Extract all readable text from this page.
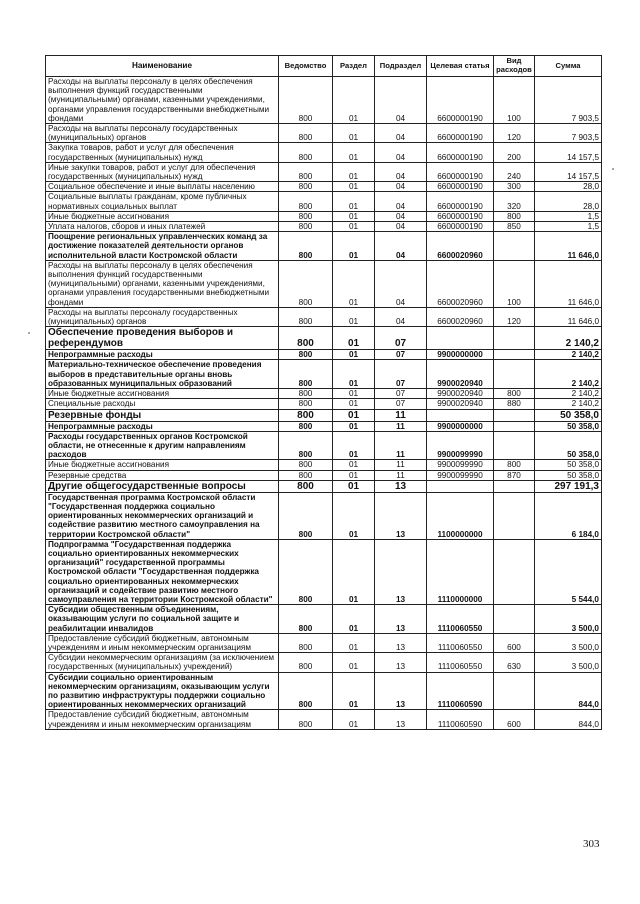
Наименование	Ведомство	Раздел	Подраздел	Целевая статья	Вид расходов	Сумма
Расходы на выплаты персоналу в целях обеспечения выполнения функций государственными (муниципальными) органами, казенными учреждениями, органами управления государственными внебюджетными фондами	800	01	04	6600000190	100	7 903,5
Расходы на выплаты персоналу государственных (муниципальных) органов	800	01	04	6600000190	120	7 903,5
Закупка товаров, работ и услуг для обеспечения государственных (муниципальных) нужд	800	01	04	6600000190	200	14 157,5
Иные закупки товаров, работ и услуг для обеспечения государственных (муниципальных) нужд	800	01	04	6600000190	240	14 157,5
Социальное обеспечение и иные выплаты населению	800	01	04	6600000190	300	28,0
Социальные выплаты гражданам, кроме публичных нормативных социальных выплат	800	01	04	6600000190	320	28,0
Иные бюджетные ассигнования	800	01	04	6600000190	800	1,5
Уплата налогов, сборов и иных платежей	800	01	04	6600000190	850	1,5
Поощрение региональных управленческих команд за достижение показателей деятельности органов исполнительной власти Костромской области	800	01	04	6600020960		11 646,0
Расходы на выплаты персоналу в целях обеспечения выполнения функций государственными (муниципальными) органами, казенными учреждениями, органами управления государственными внебюджетными фондами	800	01	04	6600020960	100	11 646,0
Расходы на выплаты персоналу государственных (муниципальных) органов	800	01	04	6600020960	120	11 646,0
Обеспечение проведения выборов и референдумов	800	01	07			2 140,2
Непрограммные расходы	800	01	07	9900000000		2 140,2
Материально-техническое обеспечение проведения выборов в представительные органы вновь образованных муниципальных образований	800	01	07	9900020940		2 140,2
Иные бюджетные ассигнования	800	01	07	9900020940	800	2 140,2
Специальные расходы	800	01	07	9900020940	880	2 140,2
Резервные фонды	800	01	11			50 358,0
Непрограммные расходы	800	01	11	9900000000		50 358,0
Расходы государственных органов Костромской области, не отнесенные к другим направлениям расходов	800	01	11	9900099990		50 358,0
Иные бюджетные ассигнования	800	01	11	9900099990	800	50 358,0
Резервные средства	800	01	11	9900099990	870	50 358,0
Другие общегосударственные вопросы	800	01	13			297 191,3
Государственная программа Костромской области "Государственная поддержка социально ориентированных некоммерческих организаций и содействие развитию местного самоуправления на территории Костромской области"	800	01	13	1100000000		6 184,0
Подпрограмма "Государственная поддержка социально ориентированных некоммерческих организаций" государственной программы Костромской области "Государственная поддержка социально ориентированных некоммерческих организаций и содействие развитию местного самоуправления на территории Костромской области"	800	01	13	1110000000		5 544,0
Субсидии общественным объединениям, оказывающим услуги по социальной защите и реабилитации инвалидов	800	01	13	1110060550		3 500,0
Предоставление субсидий бюджетным, автономным учреждениям и иным некоммерческим организациям	800	01	13	1110060550	600	3 500,0
Субсидии некоммерческим организациям (за исключением государственных (муниципальных) учреждений)	800	01	13	1110060550	630	3 500,0
Субсидии социально ориентированным некоммерческим организациям, оказывающим услуги по развитию инфраструктуры поддержки социально ориентированных некоммерческих организаций	800	01	13	1110060590		844,0
Предоставление субсидий бюджетным, автономным учреждениям и иным некоммерческим организациям	800	01	13	1110060590	600	844,0
303
